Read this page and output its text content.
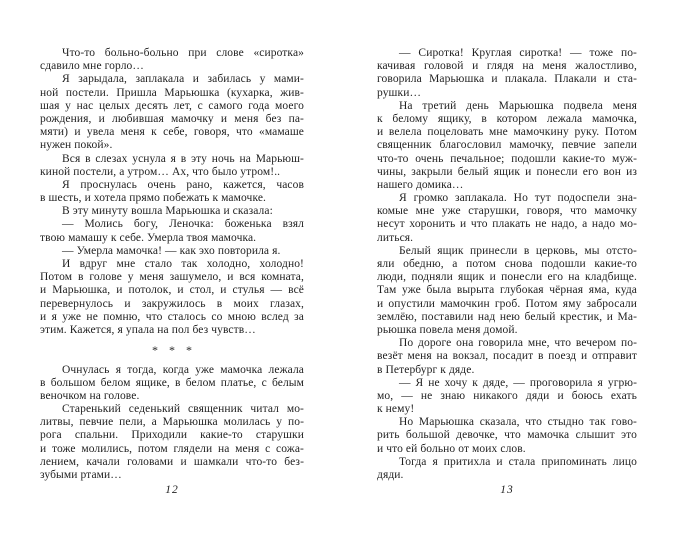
Что-то больно-больно при слове «сиротка»
сдавило мне горло…
Я зарыдала, заплакала и забилась у мами-
ной постели. Пришла Марьюшка (кухарка, жив-
шая у нас целых десять лет, с самого года моего
рождения, и любившая мамочку и меня без па-
мяти) и увела меня к себе, говоря, что «мамаше
нужен покой».
Вся в слезах уснула я в эту ночь на Марьюш-
киной постели, а утром… Ах, что было утром!..
Я проснулась очень рано, кажется, часов
в шесть, и хотела прямо побежать к мамочке.
В эту минуту вошла Марьюшка и сказала:
— Молись богу, Леночка: боженька взял
твою мамашу к себе. Умерла твоя мамочка.
— Умерла мамочка! — как эхо повторила я.
И вдруг мне стало так холодно, холодно!
Потом в голове у меня зашумело, и вся комната,
и Марьюшка, и потолок, и стол, и стулья — всё
перевернулось и закружилось в моих глазах,
и я уже не помню, что сталось со мною вслед за
этим. Кажется, я упала на пол без чувств…
* * *
Очнулась я тогда, когда уже мамочка лежала
в большом белом ящике, в белом платье, с белым
веночком на голове.
Старенький седенький священник читал мо-
литвы, певчие пели, а Марьюшка молилась у по-
рога спальни. Приходили какие-то старушки
и тоже молились, потом глядели на меня с сожа-
лением, качали головами и шамкали что-то без-
зубыми ртами…
12
— Сиротка! Круглая сиротка! — тоже по-
качивая головой и глядя на меня жалостливо,
говорила Марьюшка и плакала. Плакали и ста-
рушки…
На третий день Марьюшка подвела меня
к белому ящику, в котором лежала мамочка,
и велела поцеловать мне мамочкину руку. Потом
священник благословил мамочку, певчие запели
что-то очень печальное; подошли какие-то муж-
чины, закрыли белый ящик и понесли его вон из
нашего домика…
Я громко заплакала. Но тут подоспели зна-
комые мне уже старушки, говоря, что мамочку
несут хоронить и что плакать не надо, а надо мо-
литься.
Белый ящик принесли в церковь, мы отсто-
яли обедню, а потом снова подошли какие-то
люди, подняли ящик и понесли его на кладбище.
Там уже была вырыта глубокая чёрная яма, куда
и опустили мамочкин гроб. Потом яму забросали
землёю, поставили над нею белый крестик, и Ма-
рьюшка повела меня домой.
По дороге она говорила мне, что вечером по-
везёт меня на вокзал, посадит в поезд и отправит
в Петербург к дяде.
— Я не хочу к дяде, — проговорила я угрю-
мо, — не знаю никакого дяди и боюсь ехать
к нему!
Но Марьюшка сказала, что стыдно так гово-
рить большой девочке, что мамочка слышит это
и что ей больно от моих слов.
Тогда я притихла и стала припоминать лицо
дяди.
13
